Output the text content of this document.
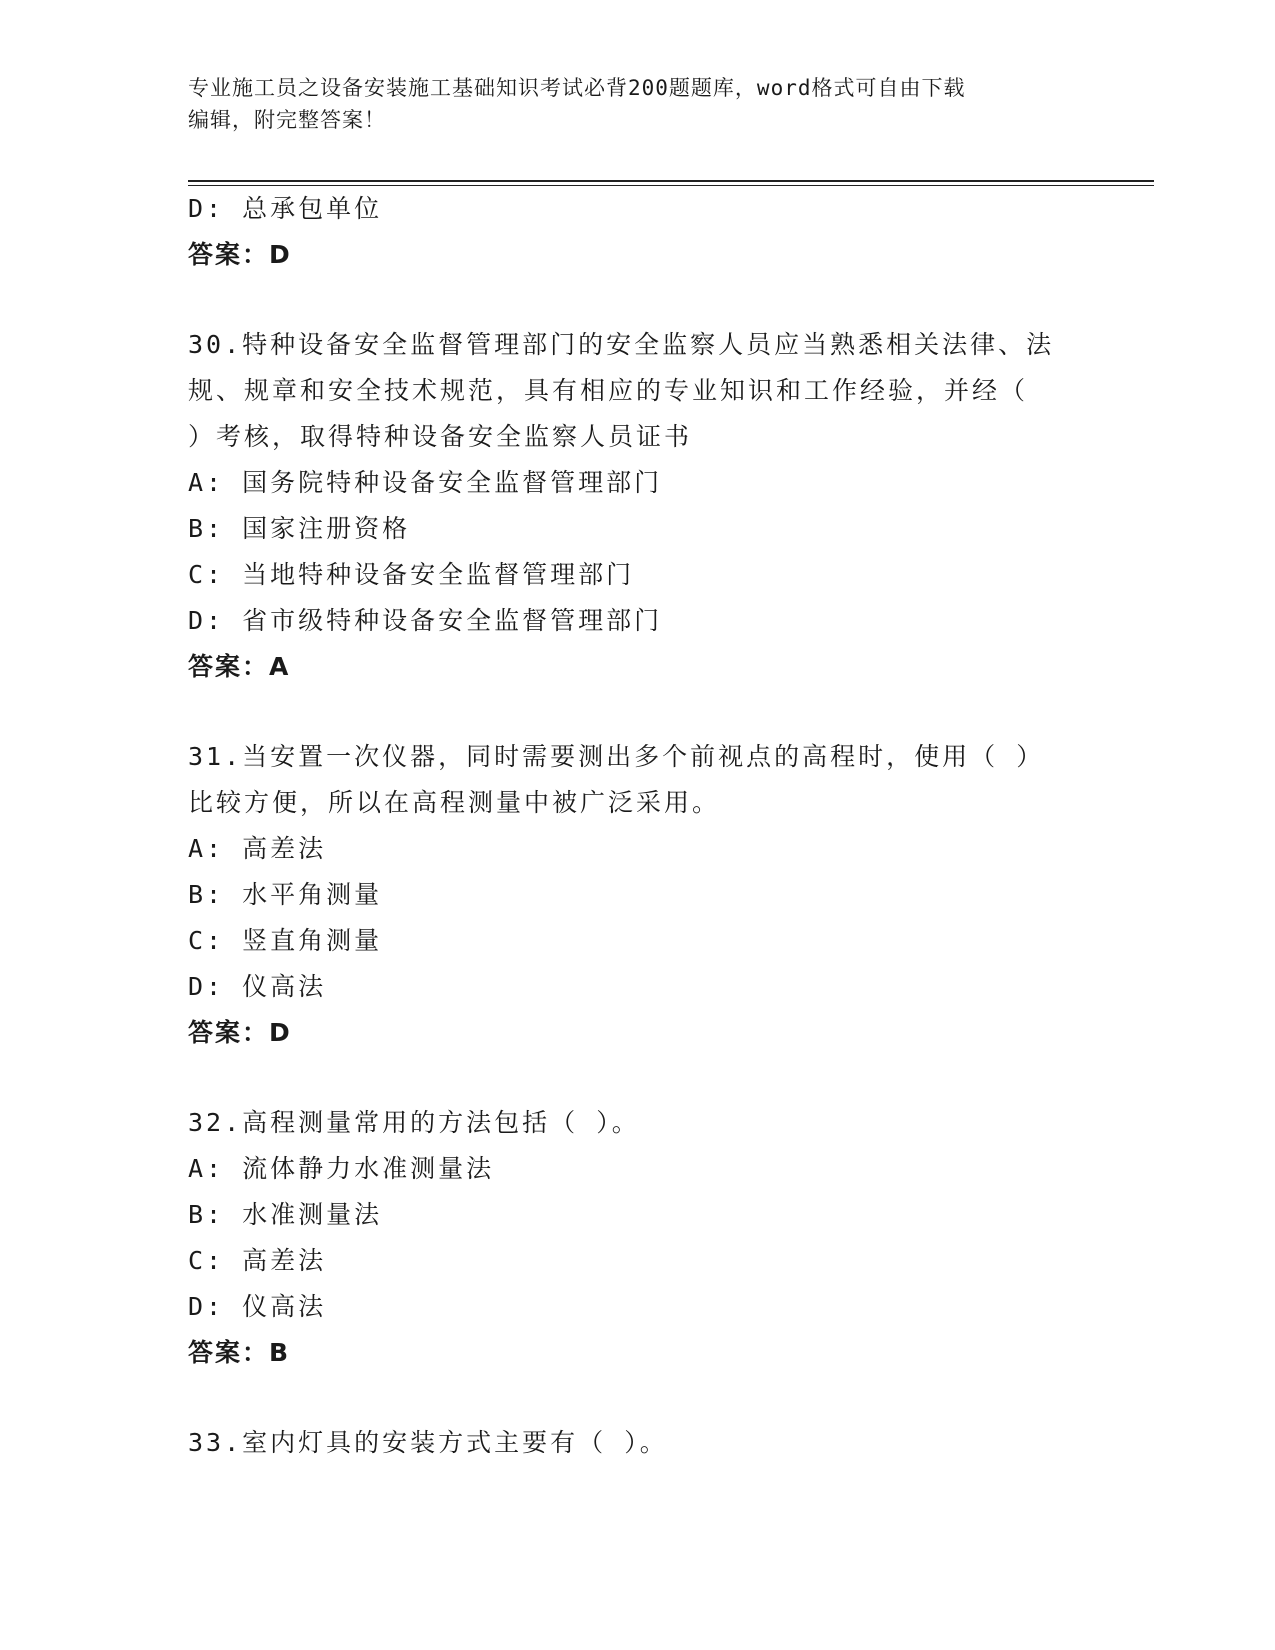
专业施工员之设备安装施工基础知识考试必背200题题库，word格式可自由下载
编辑，附完整答案！
D: 总承包单位
答案：D
30.特种设备安全监督管理部门的安全监察人员应当熟悉相关法律、法
规、规章和安全技术规范，具有相应的专业知识和工作经验，并经（
）考核，取得特种设备安全监察人员证书
A: 国务院特种设备安全监督管理部门
B: 国家注册资格
C: 当地特种设备安全监督管理部门
D: 省市级特种设备安全监督管理部门
答案：A
31.当安置一次仪器，同时需要测出多个前视点的高程时，使用（ ）
比较方便，所以在高程测量中被广泛采用。
A: 高差法
B: 水平角测量
C: 竖直角测量
D: 仪高法
答案：D
32.高程测量常用的方法包括（ ）。
A: 流体静力水准测量法
B: 水准测量法
C: 高差法
D: 仪高法
答案：B
33.室内灯具的安装方式主要有（ ）。
